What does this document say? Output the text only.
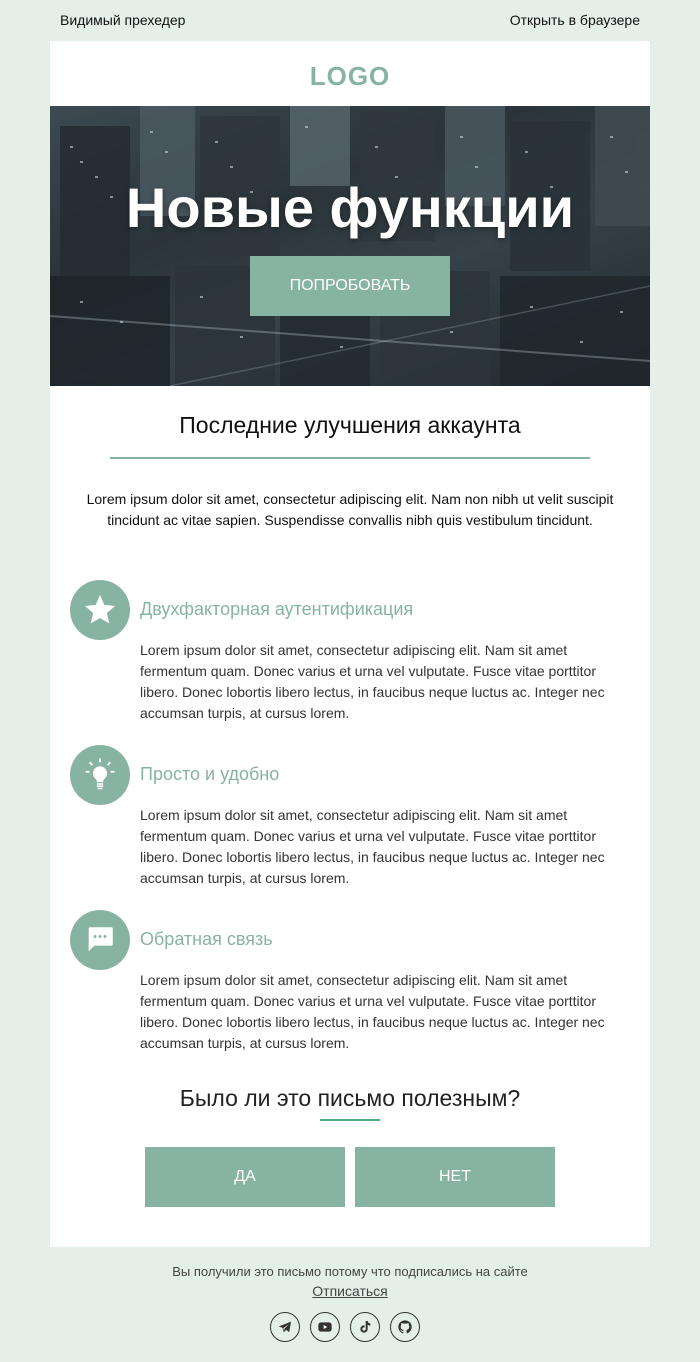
Видимый прехедер	Открыть в браузере
LOGO
Новые функции
ПОПРОБОВАТЬ
Последние улучшения аккаунта
Lorem ipsum dolor sit amet, consectetur adipiscing elit. Nam non nibh ut velit suscipit tincidunt ac vitae sapien. Suspendisse convallis nibh quis vestibulum tincidunt.
Двухфакторная аутентификация
Lorem ipsum dolor sit amet, consectetur adipiscing elit. Nam sit amet fermentum quam. Donec varius et urna vel vulputate. Fusce vitae porttitor libero. Donec lobortis libero lectus, in faucibus neque luctus ac. Integer nec accumsan turpis, at cursus lorem.
Просто и удобно
Lorem ipsum dolor sit amet, consectetur adipiscing elit. Nam sit amet fermentum quam. Donec varius et urna vel vulputate. Fusce vitae porttitor libero. Donec lobortis libero lectus, in faucibus neque luctus ac. Integer nec accumsan turpis, at cursus lorem.
Обратная связь
Lorem ipsum dolor sit amet, consectetur adipiscing elit. Nam sit amet fermentum quam. Donec varius et urna vel vulputate. Fusce vitae porttitor libero. Donec lobortis libero lectus, in faucibus neque luctus ac. Integer nec accumsan turpis, at cursus lorem.
Было ли это письмо полезным?
ДА	НЕТ
Вы получили это письмо потому что подписались на сайте
Отписаться
